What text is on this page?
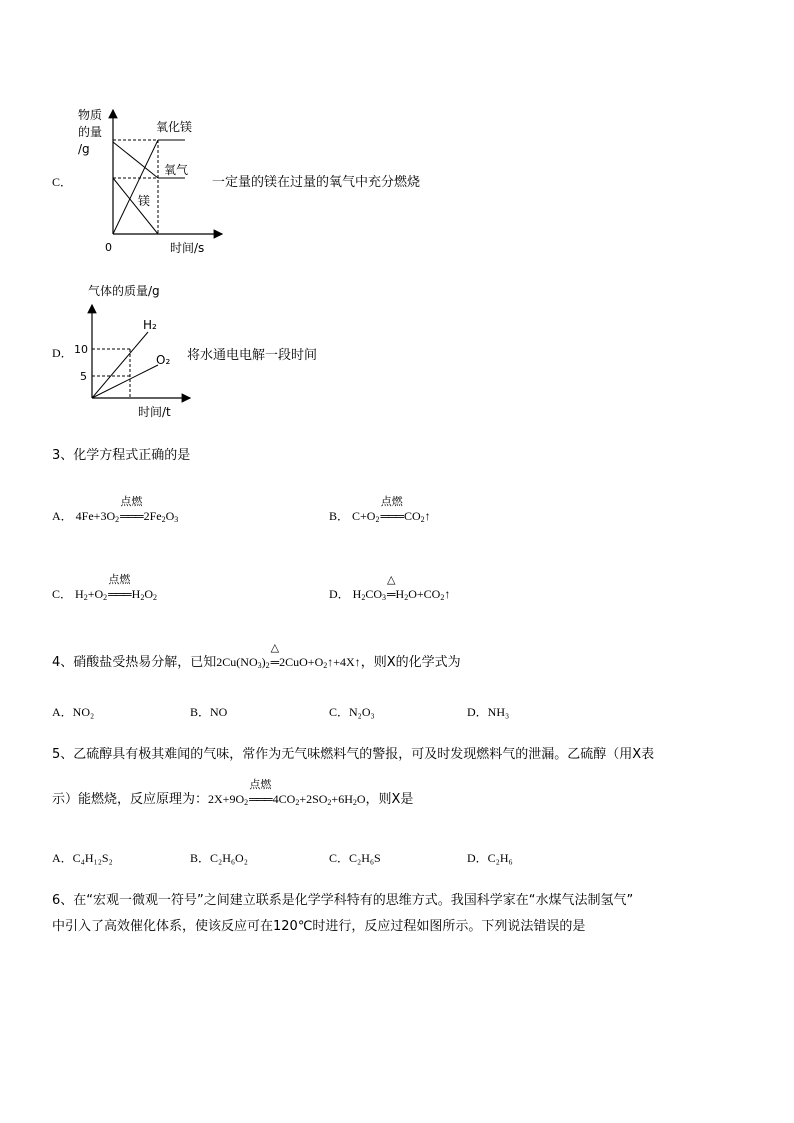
C．
物质
的量
/g
氧化镁
氧气
镁
0	时间/s
一定量的镁在过量的氧气中充分燃烧
D．
气体的质量/g
10
5
H₂
O₂
时间/t
将水通电电解一段时间
3、化学方程式正确的是
A． $4Fe+3O_2$
点燃
$═══2Fe_2O_3$	B． $C+O_2$
点燃
$═══CO_2↑$
C． $H_2+O_2$
点燃
$═══H_2O_2$	D． $H_2CO_3$
△
$═H_2O+CO_2↑$
4、硝酸盐受热易分解，已知$2Cu(NO_3)_2$
△
$═2CuO+O_2↑+4X↑$，则X的化学式为
A．NO₂	B．NO	C．N₂O₃	D．NH₃
5、乙硫醇具有极其难闻的气味，常作为无气味燃料气的警报，可及时发现燃料气的泄漏。乙硫醇（用X表
示）能燃烧，反应原理为：$2X+9O_2$
点燃
$═══4CO_2+2SO_2+6H_2O$，则X是
A．C₄H₁₂S₂	B．C₂H₆O₂	C．C₂H₆S	D．C₂H₆
6、在“宏观一微观一符号”之间建立联系是化学学科特有的思维方式。我国科学家在“水煤气法制氢气”
中引入了高效催化体系，使该反应可在120℃时进行，反应过程如图所示。下列说法错误的是
